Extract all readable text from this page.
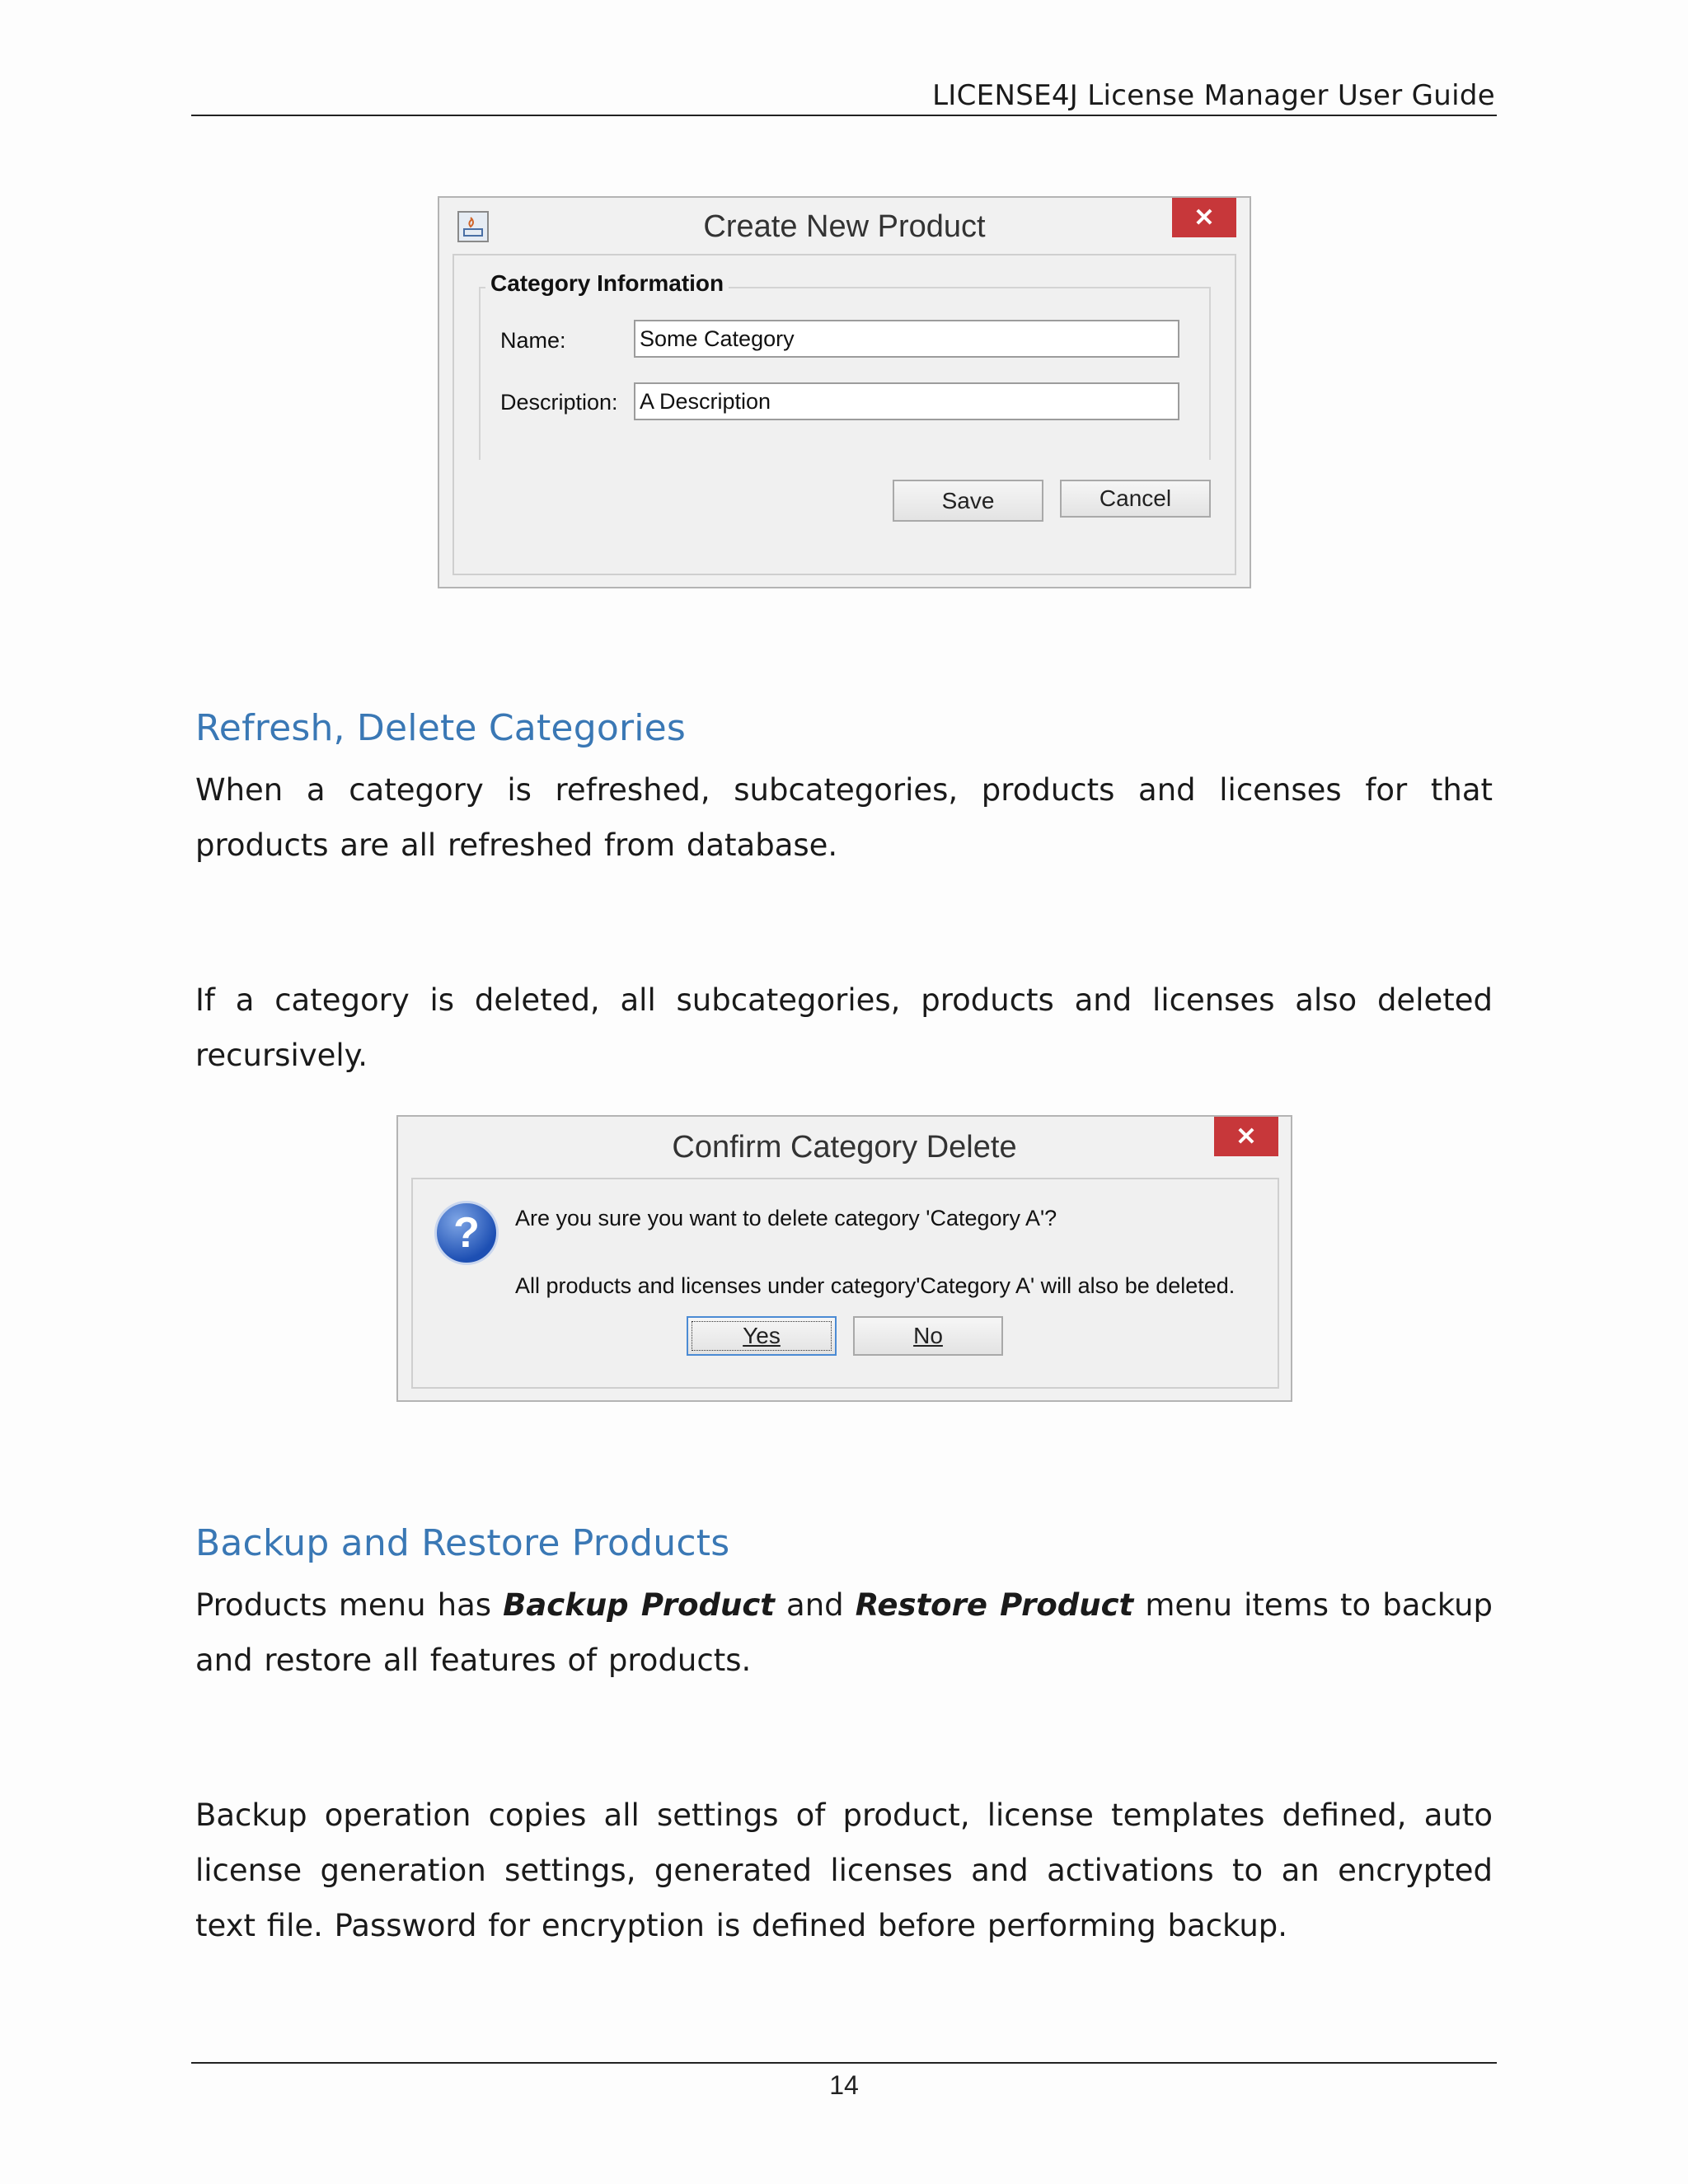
LICENSE4J License Manager User Guide
Create New Product	✕
Category Information
Name:	Some Category
Description: A Description
Save	Cancel
Refresh, Delete Categories
When a category is refreshed, subcategories, products and licenses for that products are all refreshed from database.
If a category is deleted, all subcategories, products and licenses also deleted recursively.
Confirm Category Delete	✕
? Are you sure you want to delete category 'Category A'?
All products and licenses under category'Category A' will also be deleted.
Yes	No
Backup and Restore Products
Products menu has Backup Product and Restore Product menu items to backup and restore all features of products.
Backup operation copies all settings of product, license templates defined, auto license generation settings, generated licenses and activations to an encrypted text file. Password for encryption is defined before performing backup.
14
